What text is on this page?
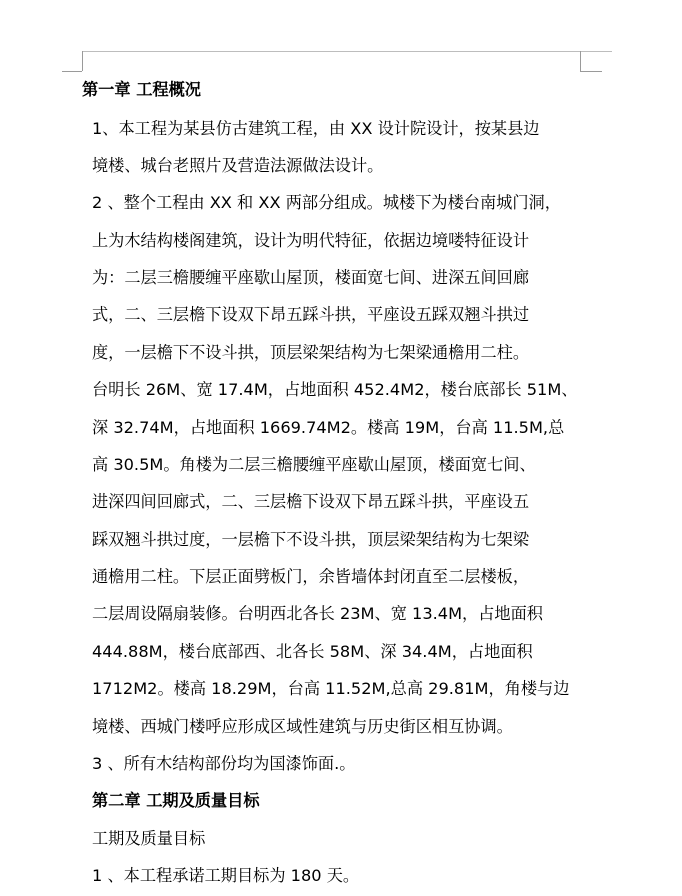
第一章 工程概况
1、本工程为某县仿古建筑工程，由 XX 设计院设计，按某县边
境楼、城台老照片及营造法源做法设计。
2 、整个工程由 XX 和 XX 两部分组成。城楼下为楼台南城门洞，
上为木结构楼阁建筑，设计为明代特征，依据边境喽特征设计
为：二层三檐腰缠平座歇山屋顶，楼面宽七间、进深五间回廊
式，二、三层檐下设双下昂五踩斗拱，平座设五踩双翘斗拱过
度，一层檐下不设斗拱，顶层梁架结构为七架梁通檐用二柱。
台明长 26M、宽 17.4M，占地面积 452.4M2，楼台底部长 51M、
深 32.74M，占地面积 1669.74M2。楼高 19M，台高 11.5M,总
高 30.5M。角楼为二层三檐腰缠平座歇山屋顶，楼面宽七间、
进深四间回廊式，二、三层檐下设双下昂五踩斗拱，平座设五
踩双翘斗拱过度，一层檐下不设斗拱，顶层梁架结构为七架梁
通檐用二柱。下层正面劈板门，余皆墙体封闭直至二层楼板，
二层周设隔扇装修。台明西北各长 23M、宽 13.4M，占地面积
444.88M，楼台底部西、北各长 58M、深 34.4M，占地面积
1712M2。楼高 18.29M，台高 11.52M,总高 29.81M，角楼与边
境楼、西城门楼呼应形成区域性建筑与历史街区相互协调。
3 、所有木结构部份均为国漆饰面.。
第二章 工期及质量目标
工期及质量目标
1 、本工程承诺工期目标为 180 天。
